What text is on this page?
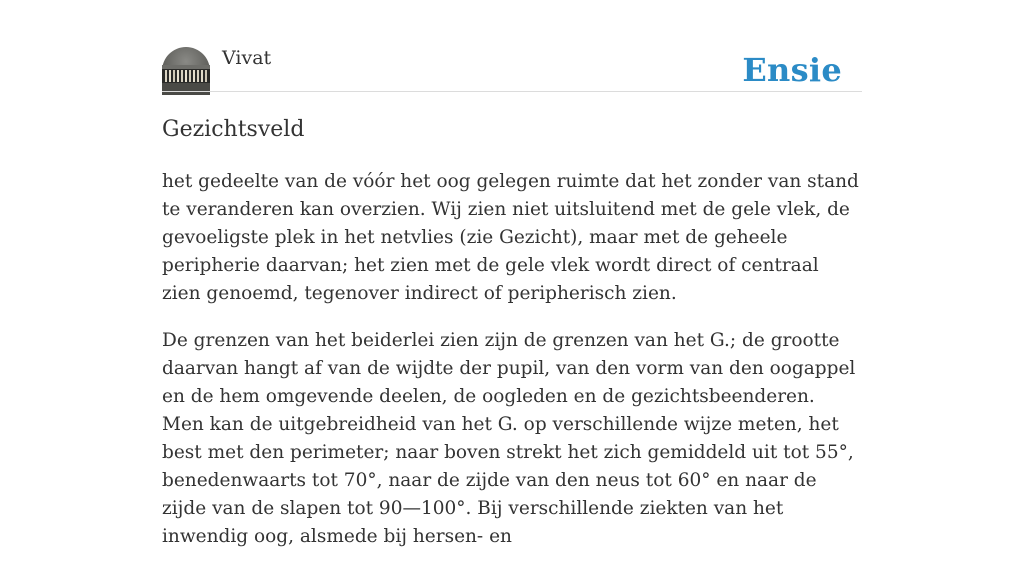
Vivat	Ensie
Gezichtsveld

het gedeelte van de vóór het oog gelegen ruimte dat het zonder van stand te veranderen kan overzien. Wij zien niet uitsluitend met de gele vlek, de gevoeligste plek in het netvlies (zie Gezicht), maar met de geheele peripherie daarvan; het zien met de gele vlek wordt direct of centraal zien genoemd, tegenover indirect of peripherisch zien.

De grenzen van het beiderlei zien zijn de grenzen van het G.; de grootte daarvan hangt af van de wijdte der pupil, van den vorm van den oogappel en de hem omgevende deelen, de oogleden en de gezichtsbeenderen. Men kan de uitgebreidheid van het G. op verschillende wijze meten, het best met den perimeter; naar boven strekt het zich gemiddeld uit tot 55°, benedenwaarts tot 70°, naar de zijde van den neus tot 60° en naar de zijde van de slapen tot 90—100°. Bij verschillende ziekten van het inwendig oog, alsmede bij hersen- en
